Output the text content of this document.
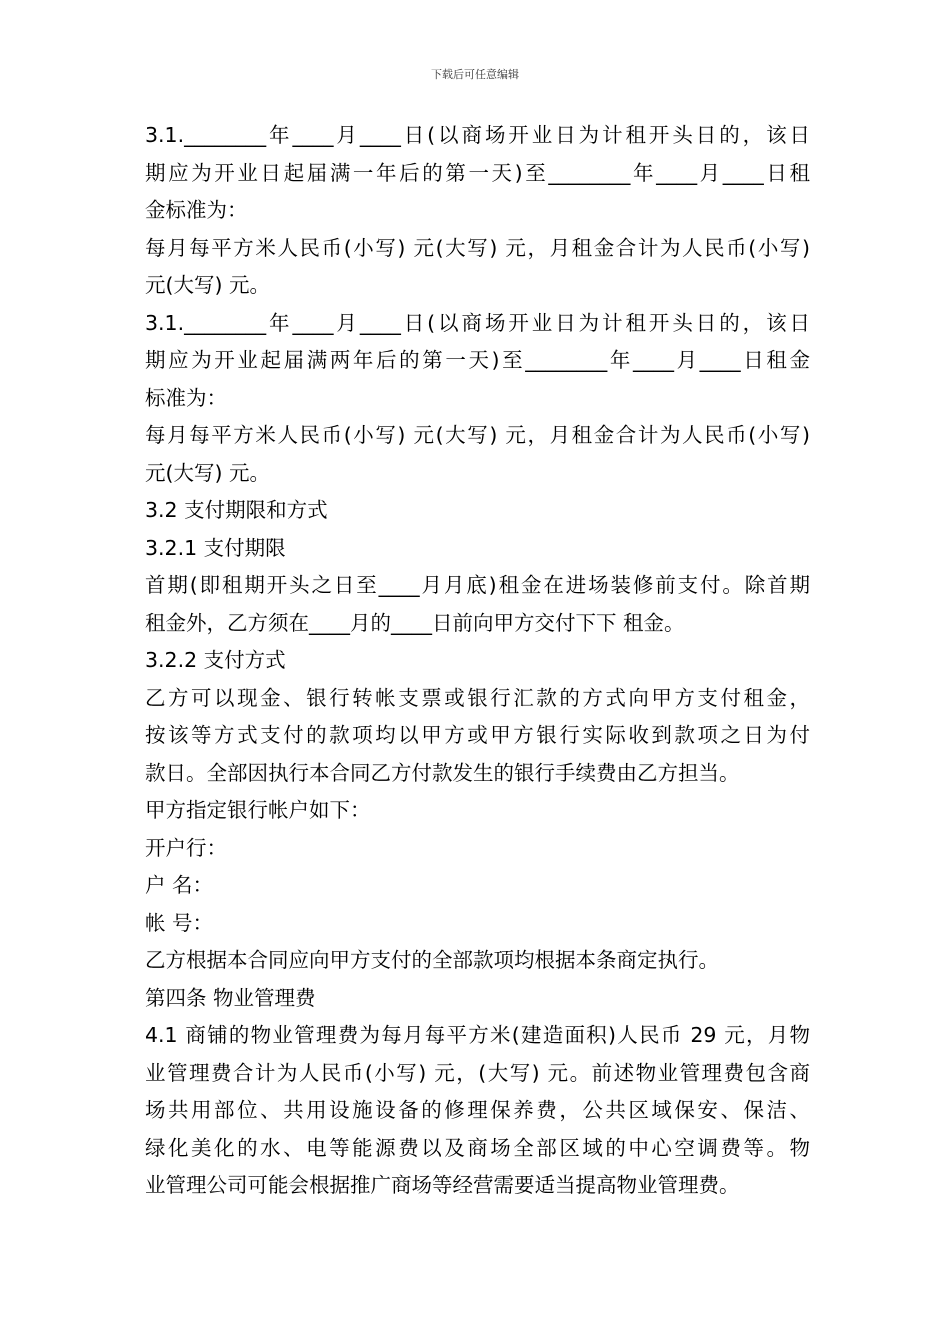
下载后可任意编辑
3.1.________年____月____日(以商场开业日为计租开头日的，该日
期应为开业日起届满一年后的第一天)至________年____月____日租
金标准为：
每月每平方米人民币(小写) 元(大写) 元，月租金合计为人民币(小写)
元(大写) 元。
3.1.________年____月____日(以商场开业日为计租开头日的，该日
期应为开业起届满两年后的第一天)至________年____月____日租金
标准为：
每月每平方米人民币(小写) 元(大写) 元，月租金合计为人民币(小写)
元(大写) 元。
3.2 支付期限和方式
3.2.1 支付期限
首期(即租期开头之日至____月月底)租金在进场装修前支付。除首期
租金外，乙方须在____月的____日前向甲方交付下下 租金。
3.2.2 支付方式
乙方可以现金、银行转帐支票或银行汇款的方式向甲方支付租金，
按该等方式支付的款项均以甲方或甲方银行实际收到款项之日为付
款日。全部因执行本合同乙方付款发生的银行手续费由乙方担当。
甲方指定银行帐户如下：
开户行：
户 名：
帐 号：
乙方根据本合同应向甲方支付的全部款项均根据本条商定执行。
第四条 物业管理费
4.1 商铺的物业管理费为每月每平方米(建造面积)人民币 29 元，月物
业管理费合计为人民币(小写) 元，(大写) 元。前述物业管理费包含商
场共用部位、共用设施设备的修理保养费，公共区域保安、保洁、
绿化美化的水、电等能源费以及商场全部区域的中心空调费等。物
业管理公司可能会根据推广商场等经营需要适当提高物业管理费。
